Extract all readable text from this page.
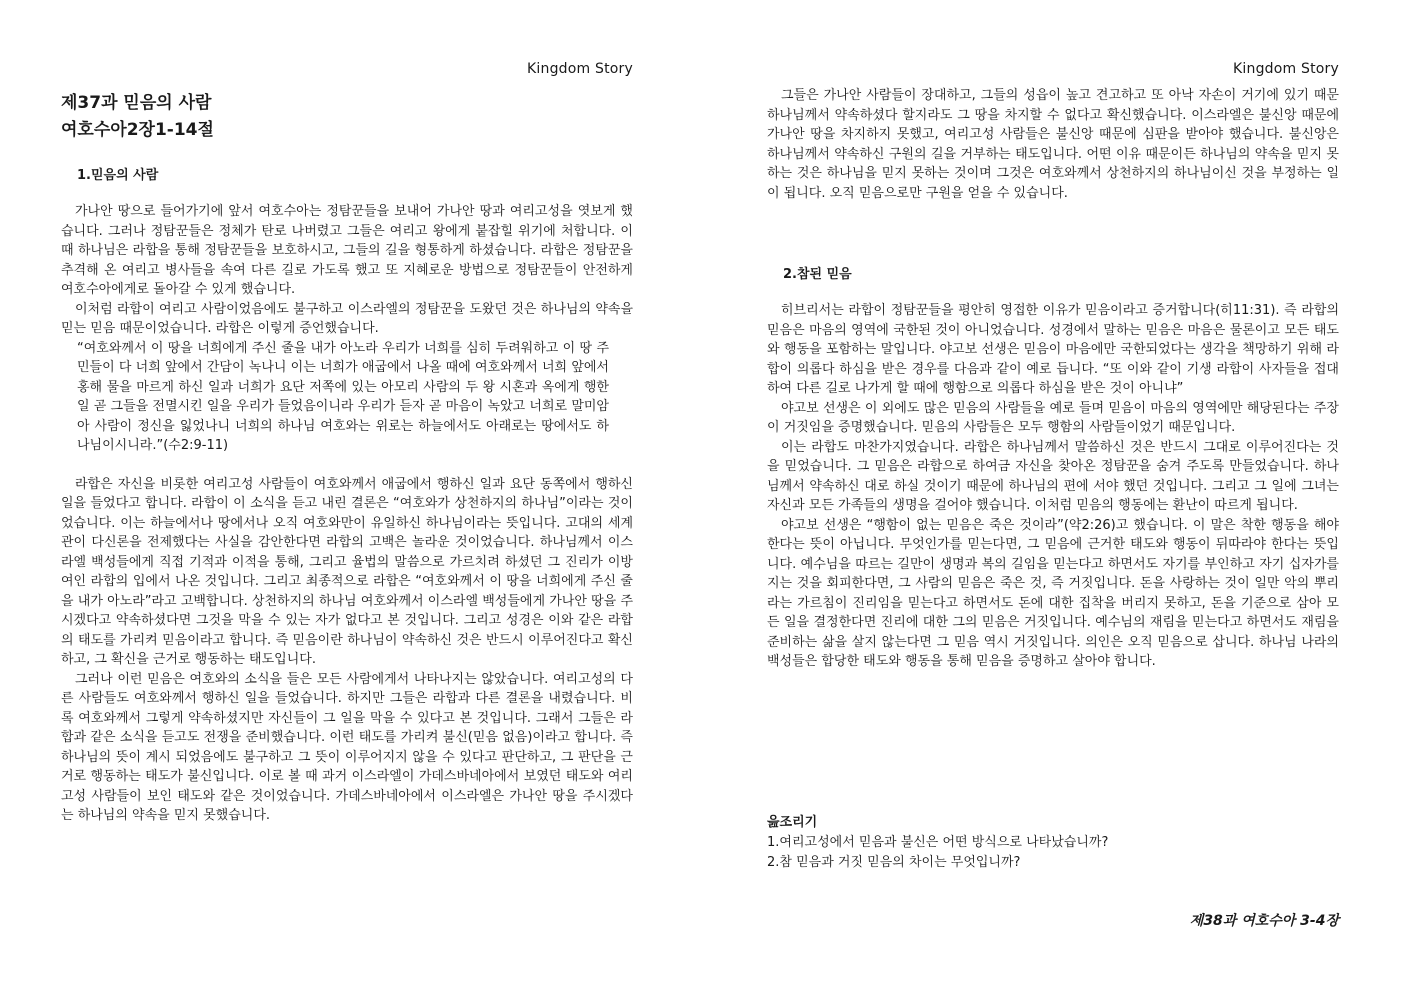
Kingdom Story
제37과 믿음의 사람
여호수아2장1-14절
1.믿음의 사람

가나안 땅으로 들어가기에 앞서 여호수아는 정탐꾼들을 보내어 가나안 땅과 여리고성을 엿보게 했습니다. 그러나 정탐꾼들은 정체가 탄로 나버렸고 그들은 여리고 왕에게 붙잡힐 위기에 처합니다. 이때 하나님은 라합을 통해 정탐꾼들을 보호하시고, 그들의 길을 형통하게 하셨습니다. 라합은 정탐꾼을 추격해 온 여리고 병사들을 속여 다른 길로 가도록 했고 또 지혜로운 방법으로 정탐꾼들이 안전하게 여호수아에게로 돌아갈 수 있게 했습니다.

이처럼 라합이 여리고 사람이었음에도 불구하고 이스라엘의 정탐꾼을 도왔던 것은 하나님의 약속을 믿는 믿음 때문이었습니다. 라합은 이렇게 증언했습니다.

“여호와께서 이 땅을 너희에게 주신 줄을 내가 아노라 우리가 너희를 심히 두려워하고 이 땅 주민들이 다 너희 앞에서 간담이 녹나니 이는 너희가 애굽에서 나올 때에 여호와께서 너희 앞에서 홍해 물을 마르게 하신 일과 너희가 요단 저쪽에 있는 아모리 사람의 두 왕 시혼과 옥에게 행한 일 곧 그들을 전멸시킨 일을 우리가 들었음이니라 우리가 듣자 곧 마음이 녹았고 너희로 말미암아 사람이 정신을 잃었나니 너희의 하나님 여호와는 위로는 하늘에서도 아래로는 땅에서도 하나님이시니라.”(수2:9-11)

라합은 자신을 비롯한 여리고성 사람들이 여호와께서 애굽에서 행하신 일과 요단 동쪽에서 행하신 일을 들었다고 합니다. 라합이 이 소식을 듣고 내린 결론은 “여호와가 상천하지의 하나님”이라는 것이었습니다. 이는 하늘에서나 땅에서나 오직 여호와만이 유일하신 하나님이라는 뜻입니다. 고대의 세계관이 다신론을 전제했다는 사실을 감안한다면 라합의 고백은 놀라운 것이었습니다. 하나님께서 이스라엘 백성들에게 직접 기적과 이적을 통해, 그리고 율법의 말씀으로 가르치려 하셨던 그 진리가 이방 여인 라합의 입에서 나온 것입니다. 그리고 최종적으로 라합은 “여호와께서 이 땅을 너희에게 주신 줄을 내가 아노라”라고 고백합니다. 상천하지의 하나님 여호와께서 이스라엘 백성들에게 가나안 땅을 주시겠다고 약속하셨다면 그것을 막을 수 있는 자가 없다고 본 것입니다. 그리고 성경은 이와 같은 라합의 태도를 가리켜 믿음이라고 합니다. 즉 믿음이란 하나님이 약속하신 것은 반드시 이루어진다고 확신하고, 그 확신을 근거로 행동하는 태도입니다.

그러나 이런 믿음은 여호와의 소식을 들은 모든 사람에게서 나타나지는 않았습니다. 여리고성의 다른 사람들도 여호와께서 행하신 일을 들었습니다. 하지만 그들은 라합과 다른 결론을 내렸습니다. 비록 여호와께서 그렇게 약속하셨지만 자신들이 그 일을 막을 수 있다고 본 것입니다. 그래서 그들은 라합과 같은 소식을 듣고도 전쟁을 준비했습니다. 이런 태도를 가리켜 불신(믿음 없음)이라고 합니다. 즉 하나님의 뜻이 계시 되었음에도 불구하고 그 뜻이 이루어지지 않을 수 있다고 판단하고, 그 판단을 근거로 행동하는 태도가 불신입니다. 이로 볼 때 과거 이스라엘이 가데스바네아에서 보였던 태도와 여리고성 사람들이 보인 태도와 같은 것이었습니다. 가데스바네아에서 이스라엘은 가나안 땅을 주시겠다는 하나님의 약속을 믿지 못했습니다.

Kingdom Story

그들은 가나안 사람들이 장대하고, 그들의 성읍이 높고 견고하고 또 아낙 자손이 거기에 있기 때문 하나님께서 약속하셨다 할지라도 그 땅을 차지할 수 없다고 확신했습니다. 이스라엘은 불신앙 때문에 가나안 땅을 차지하지 못했고, 여리고성 사람들은 불신앙 때문에 심판을 받아야 했습니다. 불신앙은 하나님께서 약속하신 구원의 길을 거부하는 태도입니다. 어떤 이유 때문이든 하나님의 약속을 믿지 못하는 것은 하나님을 믿지 못하는 것이며 그것은 여호와께서 상천하지의 하나님이신 것을 부정하는 일이 됩니다. 오직 믿음으로만 구원을 얻을 수 있습니다.

2.참된 믿음

히브리서는 라합이 정탐꾼들을 평안히 영접한 이유가 믿음이라고 증거합니다(히11:31). 즉 라합의 믿음은 마음의 영역에 국한된 것이 아니었습니다. 성경에서 말하는 믿음은 마음은 물론이고 모든 태도와 행동을 포함하는 말입니다. 야고보 선생은 믿음이 마음에만 국한되었다는 생각을 책망하기 위해 라합이 의롭다 하심을 받은 경우를 다음과 같이 예로 듭니다. “또 이와 같이 기생 라합이 사자들을 접대하여 다른 길로 나가게 할 때에 행함으로 의롭다 하심을 받은 것이 아니냐”

야고보 선생은 이 외에도 많은 믿음의 사람들을 예로 들며 믿음이 마음의 영역에만 해당된다는 주장이 거짓임을 증명했습니다. 믿음의 사람들은 모두 행함의 사람들이었기 때문입니다.

이는 라합도 마찬가지였습니다. 라합은 하나님께서 말씀하신 것은 반드시 그대로 이루어진다는 것을 믿었습니다. 그 믿음은 라합으로 하여금 자신을 찾아온 정탐꾼을 숨겨 주도록 만들었습니다. 하나님께서 약속하신 대로 하실 것이기 때문에 하나님의 편에 서야 했던 것입니다. 그리고 그 일에 그녀는 자신과 모든 가족들의 생명을 걸어야 했습니다. 이처럼 믿음의 행동에는 환난이 따르게 됩니다.

야고보 선생은 “행함이 없는 믿음은 죽은 것이라”(약2:26)고 했습니다. 이 말은 착한 행동을 해야 한다는 뜻이 아닙니다. 무엇인가를 믿는다면, 그 믿음에 근거한 태도와 행동이 뒤따라야 한다는 뜻입니다. 예수님을 따르는 길만이 생명과 복의 길임을 믿는다고 하면서도 자기를 부인하고 자기 십자가를 지는 것을 회피한다면, 그 사람의 믿음은 죽은 것, 즉 거짓입니다. 돈을 사랑하는 것이 일만 악의 뿌리라는 가르침이 진리임을 믿는다고 하면서도 돈에 대한 집착을 버리지 못하고, 돈을 기준으로 삼아 모든 일을 결정한다면 진리에 대한 그의 믿음은 거짓입니다. 예수님의 재림을 믿는다고 하면서도 재림을 준비하는 삶을 살지 않는다면 그 믿음 역시 거짓입니다. 의인은 오직 믿음으로 삽니다. 하나님 나라의 백성들은 합당한 태도와 행동을 통해 믿음을 증명하고 살아야 합니다.

읊조리기
1.여리고성에서 믿음과 불신은 어떤 방식으로 나타났습니까?
2.참 믿음과 거짓 믿음의 차이는 무엇입니까?
제38과 여호수아 3-4장
